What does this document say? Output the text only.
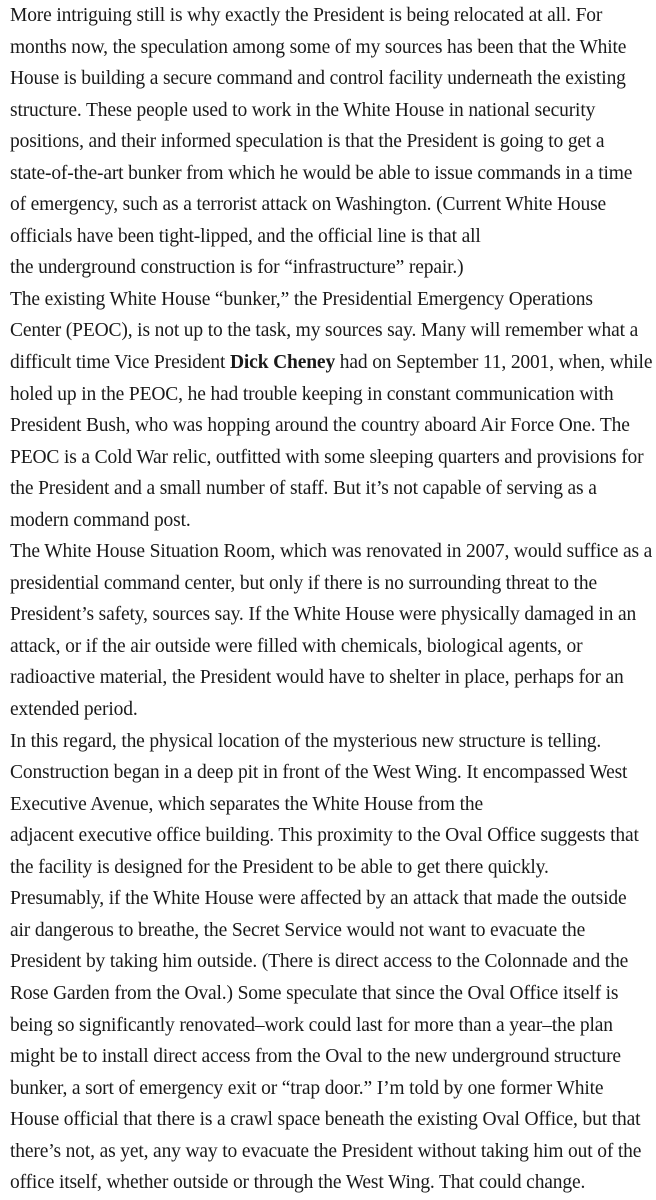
More intriguing still is why exactly the President is being relocated at all. For
months now, the speculation among some of my sources has been that the White
House is building a secure command and control facility underneath the existing
structure. These people used to work in the White House in national security
positions, and their informed speculation is that the President is going to get a
state-of-the-art bunker from which he would be able to issue commands in a time
of emergency, such as a terrorist attack on Washington. (Current White House
officials have been tight-lipped, and the official line is that all
the underground construction is for “infrastructure” repair.)

The existing White House “bunker,” the Presidential Emergency Operations
Center (PEOC), is not up to the task, my sources say. Many will remember what a
difficult time Vice President Dick Cheney had on September 11, 2001, when, while
holed up in the PEOC, he had trouble keeping in constant communication with
President Bush, who was hopping around the country aboard Air Force One. The
PEOC is a Cold War relic, outfitted with some sleeping quarters and provisions for
the President and a small number of staff. But it’s not capable of serving as a
modern command post.

The White House Situation Room, which was renovated in 2007, would suffice as a
presidential command center, but only if there is no surrounding threat to the
President’s safety, sources say. If the White House were physically damaged in an
attack, or if the air outside were filled with chemicals, biological agents, or
radioactive material, the President would have to shelter in place, perhaps for an
extended period.

In this regard, the physical location of the mysterious new structure is telling.
Construction began in a deep pit in front of the West Wing. It encompassed West
Executive Avenue, which separates the White House from the
adjacent executive office building. This proximity to the Oval Office suggests that
the facility is designed for the President to be able to get there quickly.
Presumably, if the White House were affected by an attack that made the outside
air dangerous to breathe, the Secret Service would not want to evacuate the
President by taking him outside. (There is direct access to the Colonnade and the
Rose Garden from the Oval.) Some speculate that since the Oval Office itself is
being so significantly renovated–work could last for more than a year–the plan
might be to install direct access from the Oval to the new underground structure
bunker, a sort of emergency exit or “trap door.” I’m told by one former White
House official that there is a crawl space beneath the existing Oval Office, but that
there’s not, as yet, any way to evacuate the President without taking him out of the
office itself, whether outside or through the West Wing. That could change.
